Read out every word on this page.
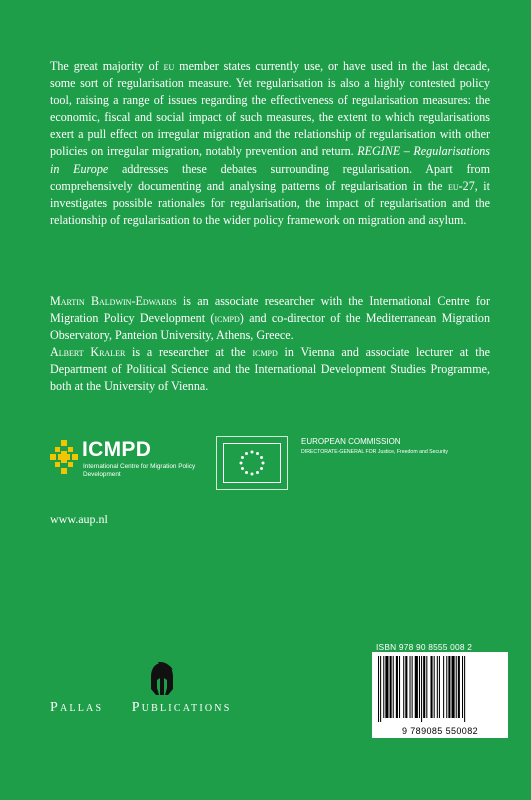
The great majority of eu member states currently use, or have used in the last decade, some sort of regularisation measure. Yet regularisation is also a highly contested policy tool, raising a range of issues regarding the effectiveness of regularisation measures: the economic, fiscal and social impact of such measures, the extent to which regularisations exert a pull effect on irregular migration and the relationship of regularisation with other policies on irregular migration, notably prevention and return. REGINE – Regularisations in Europe addresses these debates surrounding regularisation. Apart from comprehensively documenting and analysing patterns of regularisation in the eu-27, it investigates possible rationales for regularisation, the impact of regularisation and the relationship of regularisation to the wider policy framework on migration and asylum.

Martin Baldwin-Edwards is an associate researcher with the International Centre for Migration Policy Development (icmpd) and co-director of the Mediterranean Migration Observatory, Panteion University, Athens, Greece.

Albert Kraler is a researcher at the icmpd in Vienna and associate lecturer at the Department of Political Science and the International Development Studies Programme, both at the University of Vienna.

ICMPD
International Centre for Migration Policy Development
EUROPEAN COMMISSION
DIRECTORATE-GENERAL FOR Justice, Freedom and Security
www.aup.nl
ISBN 978 90 8555 008 2
9 789085 550082
Pallas Publications
